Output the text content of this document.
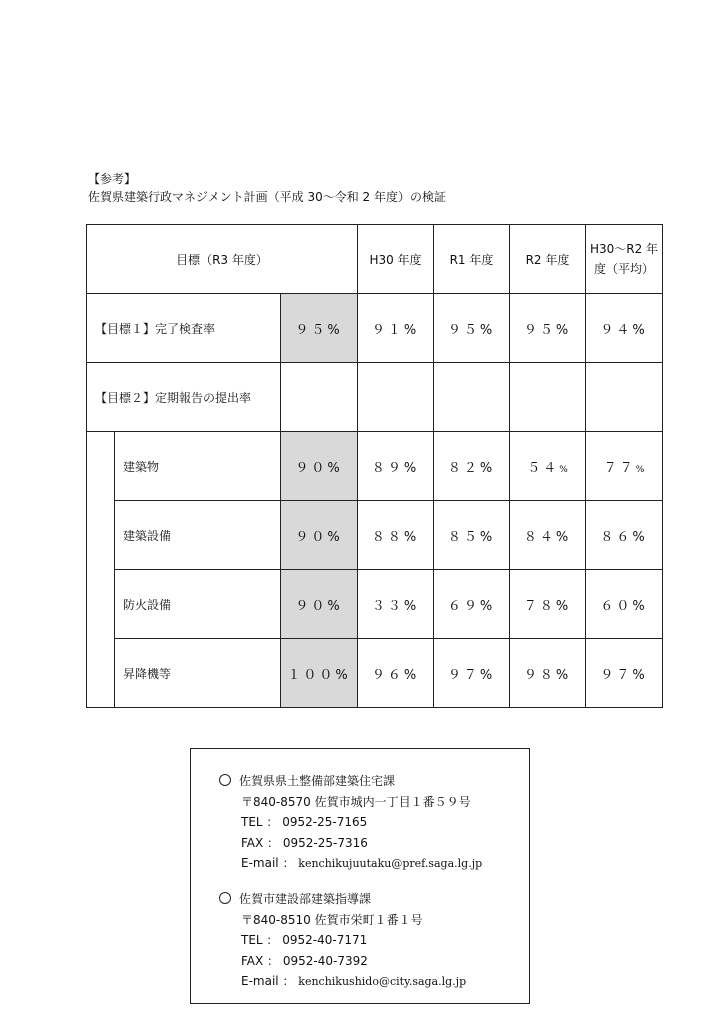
【参考】
佐賀県建築行政マネジメント計画（平成 30～令和 2 年度）の検証
目標（R3 年度）			H30 年度	R1 年度	R2 年度	H30～R2 年
度（平均）
【目標１】完了検査率		９５%	９１%	９５%	９５%	９４%
【目標２】定期報告の提出率						
	建築物	９０%	８９%	８２%	５４%	７７%
	建築設備	９０%	８８%	８５%	８４%	８６%
	防火設備	９０%	３３%	６９%	７８%	６０%
	昇降機等	１００%	９６%	９７%	９８%	９７%
佐賀県県土整備部建築住宅課
〒840-8570 佐賀市城内一丁目１番５９号
TEL ： 0952-25-7165
FAX ： 0952-25-7316
E-mail ： kenchikujuutaku@pref.saga.lg.jp
佐賀市建設部建築指導課
〒840-8510 佐賀市栄町１番１号
TEL ： 0952-40-7171
FAX ： 0952-40-7392
E-mail ： kenchikushido@city.saga.lg.jp
